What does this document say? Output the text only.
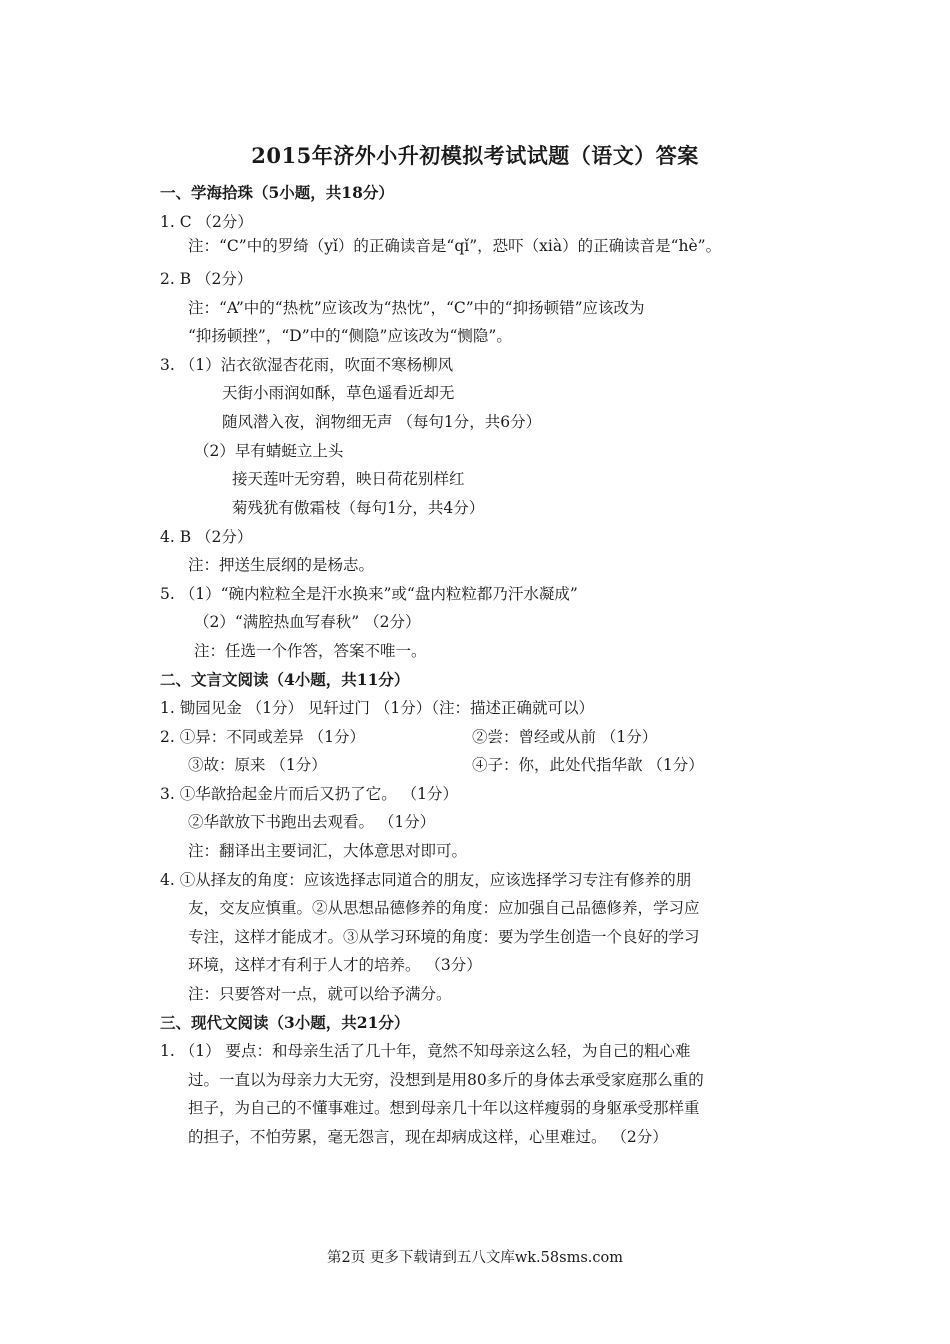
2015年济外小升初模拟考试试题（语文）答案
一、学海拾珠（5小题，共18分）
1. C （2分）
注：“C”中的罗绮（yǐ）的正确读音是“qǐ”，恐吓（xià）的正确读音是“hè”。
2. B （2分）
注：“A”中的“热枕”应该改为“热忱”，“C”中的“抑扬顿错”应该改为
“抑扬顿挫”，“D”中的“侧隐”应该改为“恻隐”。
3. （1）沾衣欲湿杏花雨，吹面不寒杨柳风
天街小雨润如酥，草色遥看近却无
随风潜入夜，润物细无声 （每句1分，共6分）
（2）早有蜻蜓立上头
接天莲叶无穷碧，映日荷花别样红
菊残犹有傲霜枝（每句1分，共4分）
4. B （2分）
注：押送生辰纲的是杨志。
5. （1）“碗内粒粒全是汗水换来”或“盘内粒粒都乃汗水凝成”
（2）“满腔热血写春秋” （2分）
注：任选一个作答，答案不唯一。
二、文言文阅读（4小题，共11分）
1. 锄园见金 （1分） 见轩过门 （1分）（注：描述正确就可以）
2. ①异：不同或差异 （1分）	②尝：曾经或从前 （1分）
③故：原来 （1分）	④子：你，此处代指华歆 （1分）
3. ①华歆拾起金片而后又扔了它。 （1分）
②华歆放下书跑出去观看。 （1分）
注：翻译出主要词汇，大体意思对即可。
4. ①从择友的角度：应该选择志同道合的朋友，应该选择学习专注有修养的朋
友，交友应慎重。②从思想品德修养的角度：应加强自己品德修养，学习应
专注，这样才能成才。③从学习环境的角度：要为学生创造一个良好的学习
环境，这样才有利于人才的培养。 （3分）
注：只要答对一点，就可以给予满分。
三、现代文阅读（3小题，共21分）
1. （1） 要点：和母亲生活了几十年，竟然不知母亲这么轻，为自己的粗心难
过。一直以为母亲力大无穷，没想到是用80多斤的身体去承受家庭那么重的
担子，为自己的不懂事难过。想到母亲几十年以这样瘦弱的身躯承受那样重
的担子，不怕劳累，毫无怨言，现在却病成这样，心里难过。 （2分）
第2页 更多下载请到五八文库wk.58sms.com
